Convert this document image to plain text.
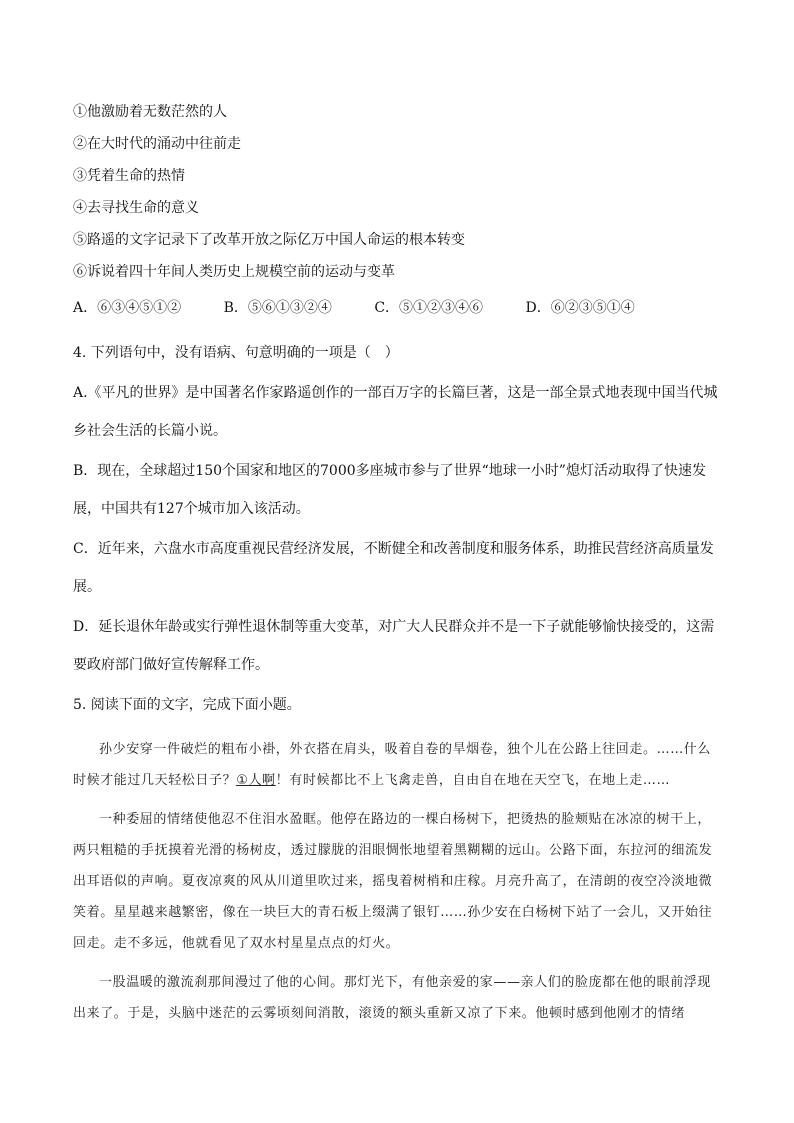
①他激励着无数茫然的人
②在大时代的涌动中往前走
③凭着生命的热情
④去寻找生命的意义
⑤路遥的文字记录下了改革开放之际亿万中国人命运的根本转变
⑥诉说着四十年间人类历史上规模空前的运动与变革
A．⑥③④⑤①②	B．⑤⑥①③②④	C．⑤①②③④⑥	D．⑥②③⑤①④
4. 下列语句中，没有语病、句意明确的一项是（　）
A.《平凡的世界》是中国著名作家路遥创作的一部百万字的长篇巨著，这是一部全景式地表现中国当代城乡社会生活的长篇小说。
B．现在，全球超过150个国家和地区的7000多座城市参与了世界“地球一小时”熄灯活动取得了快速发展，中国共有127个城市加入该活动。
C．近年来，六盘水市高度重视民营经济发展，不断健全和改善制度和服务体系，助推民营经济高质量发展。
D．延长退休年龄或实行弹性退休制等重大变革，对广大人民群众并不是一下子就能够愉快接受的，这需要政府部门做好宣传解释工作。
5. 阅读下面的文字，完成下面小题。

孙少安穿一件破烂的粗布小褂，外衣搭在肩头，吸着自卷的旱烟卷，独个儿在公路上往回走。……什么时候才能过几天轻松日子？①人啊！有时候都比不上飞禽走兽，自由自在地在天空飞，在地上走……

一种委屈的情绪使他忍不住泪水盈眶。他停在路边的一棵白杨树下，把烫热的脸颊贴在冰凉的树干上，两只粗糙的手抚摸着光滑的杨树皮，透过朦胧的泪眼惆怅地望着黑糊糊的远山。公路下面，东拉河的细流发出耳语似的声响。夏夜凉爽的风从川道里吹过来，摇曳着树梢和庄稼。月亮升高了，在清朗的夜空冷淡地微笑着。星星越来越繁密，像在一块巨大的青石板上缀满了银钉……孙少安在白杨树下站了一会儿，又开始往回走。走不多远，他就看见了双水村星星点点的灯火。

一股温暖的激流刹那间漫过了他的心间。那灯光下，有他亲爱的家——亲人们的脸庞都在他的眼前浮现出来了。于是，头脑中迷茫的云雾顷刻间消散，滚烫的额头重新又凉了下来。他顿时感到他刚才的情绪
